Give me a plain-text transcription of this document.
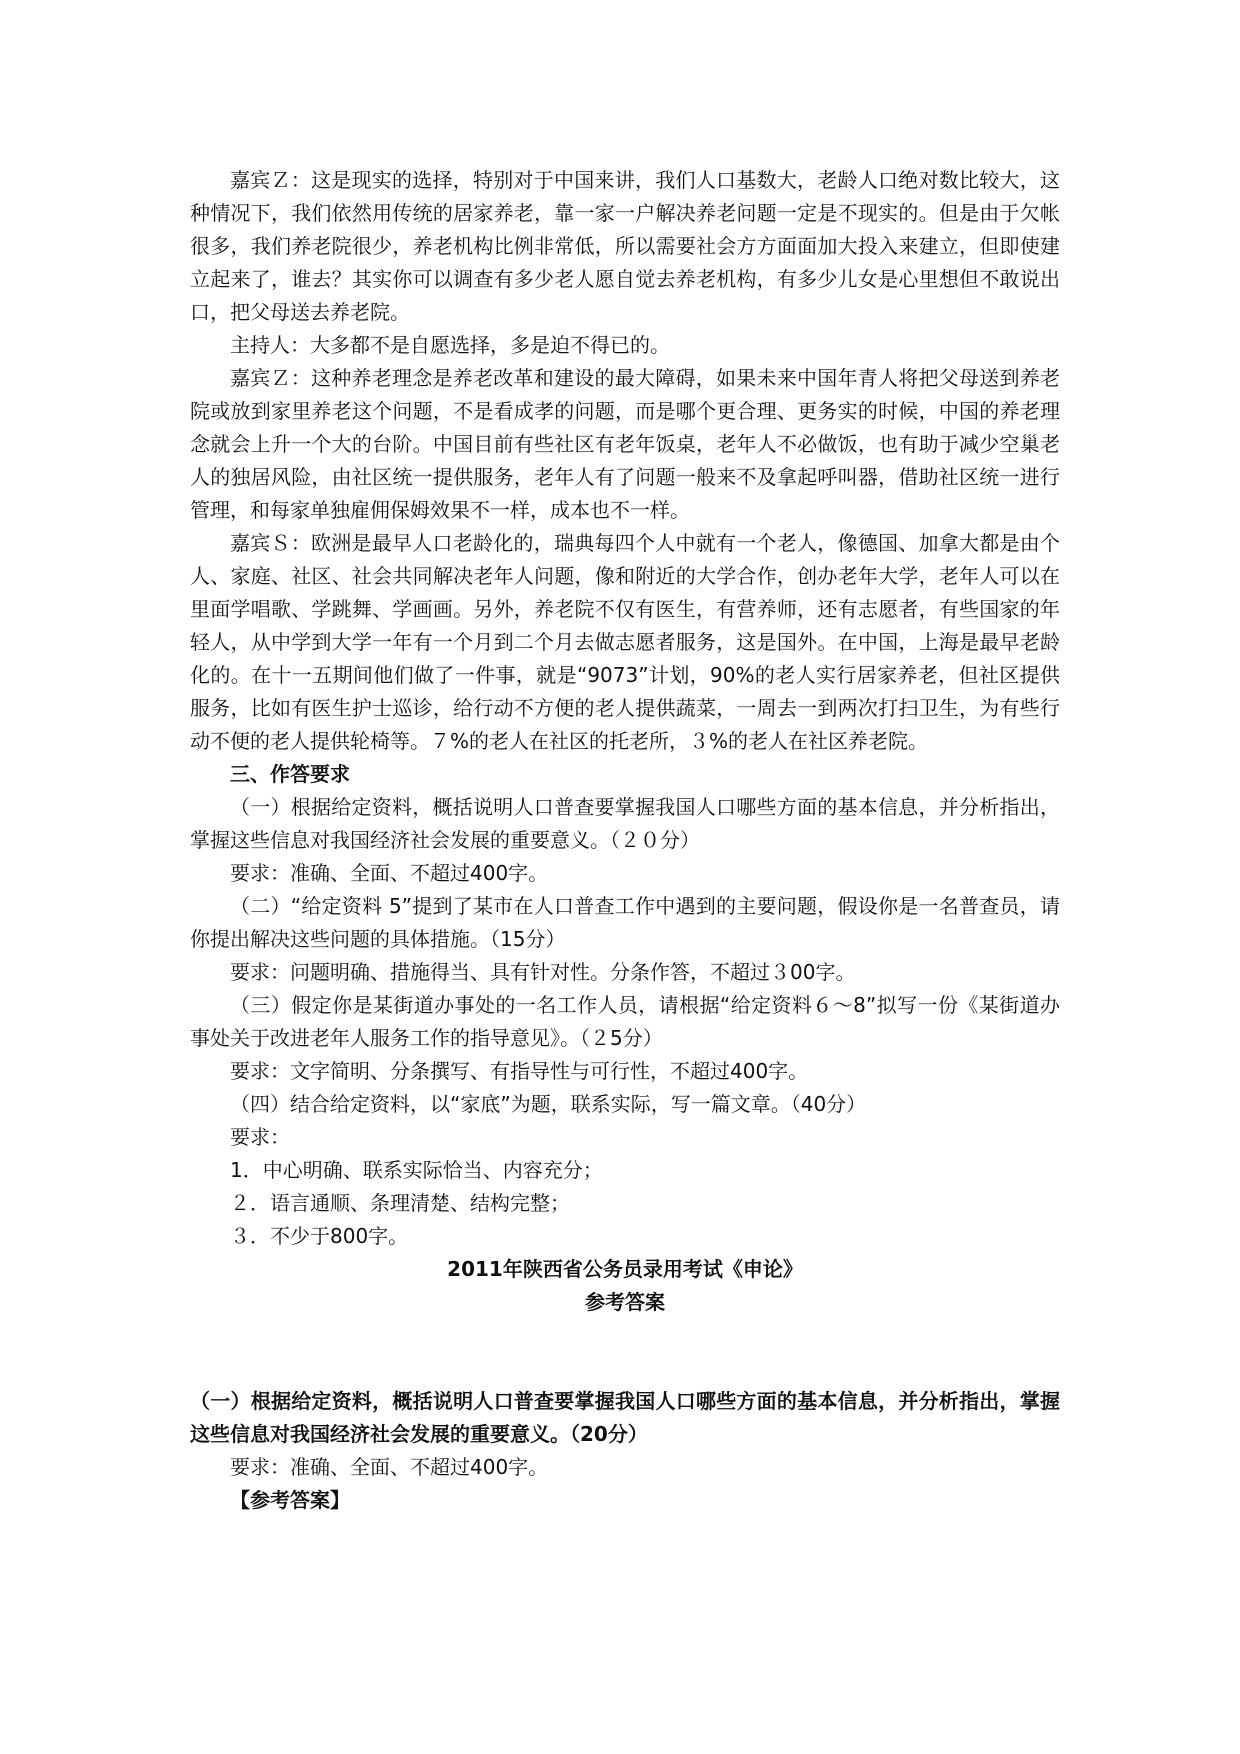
嘉宾Ｚ：这是现实的选择，特别对于中国来讲，我们人口基数大，老龄人口绝对数比较大，这种情况下，我们依然用传统的居家养老，靠一家一户解决养老问题一定是不现实的。但是由于欠帐很多，我们养老院很少，养老机构比例非常低，所以需要社会方方面面加大投入来建立，但即使建立起来了，谁去？其实你可以调查有多少老人愿自觉去养老机构，有多少儿女是心里想但不敢说出口，把父母送去养老院。

主持人：大多都不是自愿选择，多是迫不得已的。

嘉宾Ｚ：这种养老理念是养老改革和建设的最大障碍，如果未来中国年青人将把父母送到养老院或放到家里养老这个问题，不是看成孝的问题，而是哪个更合理、更务实的时候，中国的养老理念就会上升一个大的台阶。中国目前有些社区有老年饭桌，老年人不必做饭，也有助于减少空巢老人的独居风险，由社区统一提供服务，老年人有了问题一般来不及拿起呼叫器，借助社区统一进行管理，和每家单独雇佣保姆效果不一样，成本也不一样。

嘉宾Ｓ：欧洲是最早人口老龄化的，瑞典每四个人中就有一个老人，像德国、加拿大都是由个人、家庭、社区、社会共同解决老年人问题，像和附近的大学合作，创办老年大学，老年人可以在里面学唱歌、学跳舞、学画画。另外，养老院不仅有医生，有营养师，还有志愿者，有些国家的年轻人，从中学到大学一年有一个月到二个月去做志愿者服务，这是国外。在中国，上海是最早老龄化的。在十一五期间他们做了一件事，就是“9073”计划，90%的老人实行居家养老，但社区提供服务，比如有医生护士巡诊，给行动不方便的老人提供蔬菜，一周去一到两次打扫卫生，为有些行动不便的老人提供轮椅等。７%的老人在社区的托老所，３%的老人在社区养老院。

三、作答要求

（一）根据给定资料，概括说明人口普查要掌握我国人口哪些方面的基本信息，并分析指出，掌握这些信息对我国经济社会发展的重要意义。（２０分）

要求：准确、全面、不超过400字。

（二）“给定资料 5”提到了某市在人口普查工作中遇到的主要问题，假设你是一名普查员，请你提出解决这些问题的具体措施。（15分）

要求：问题明确、措施得当、具有针对性。分条作答，不超过３00字。

（三）假定你是某街道办事处的一名工作人员，请根据“给定资料６～8”拟写一份《某街道办事处关于改进老年人服务工作的指导意见》。（２5分）

要求：文字简明、分条撰写、有指导性与可行性，不超过400字。

（四）结合给定资料，以“家底”为题，联系实际，写一篇文章。（40分）

要求：

1．中心明确、联系实际恰当、内容充分；

２．语言通顺、条理清楚、结构完整；

３．不少于800字。

2011年陕西省公务员录用考试《申论》

参考答案

（一）根据给定资料，概括说明人口普查要掌握我国人口哪些方面的基本信息，并分析指出，掌握这些信息对我国经济社会发展的重要意义。（20分）

要求：准确、全面、不超过400字。

【参考答案】
